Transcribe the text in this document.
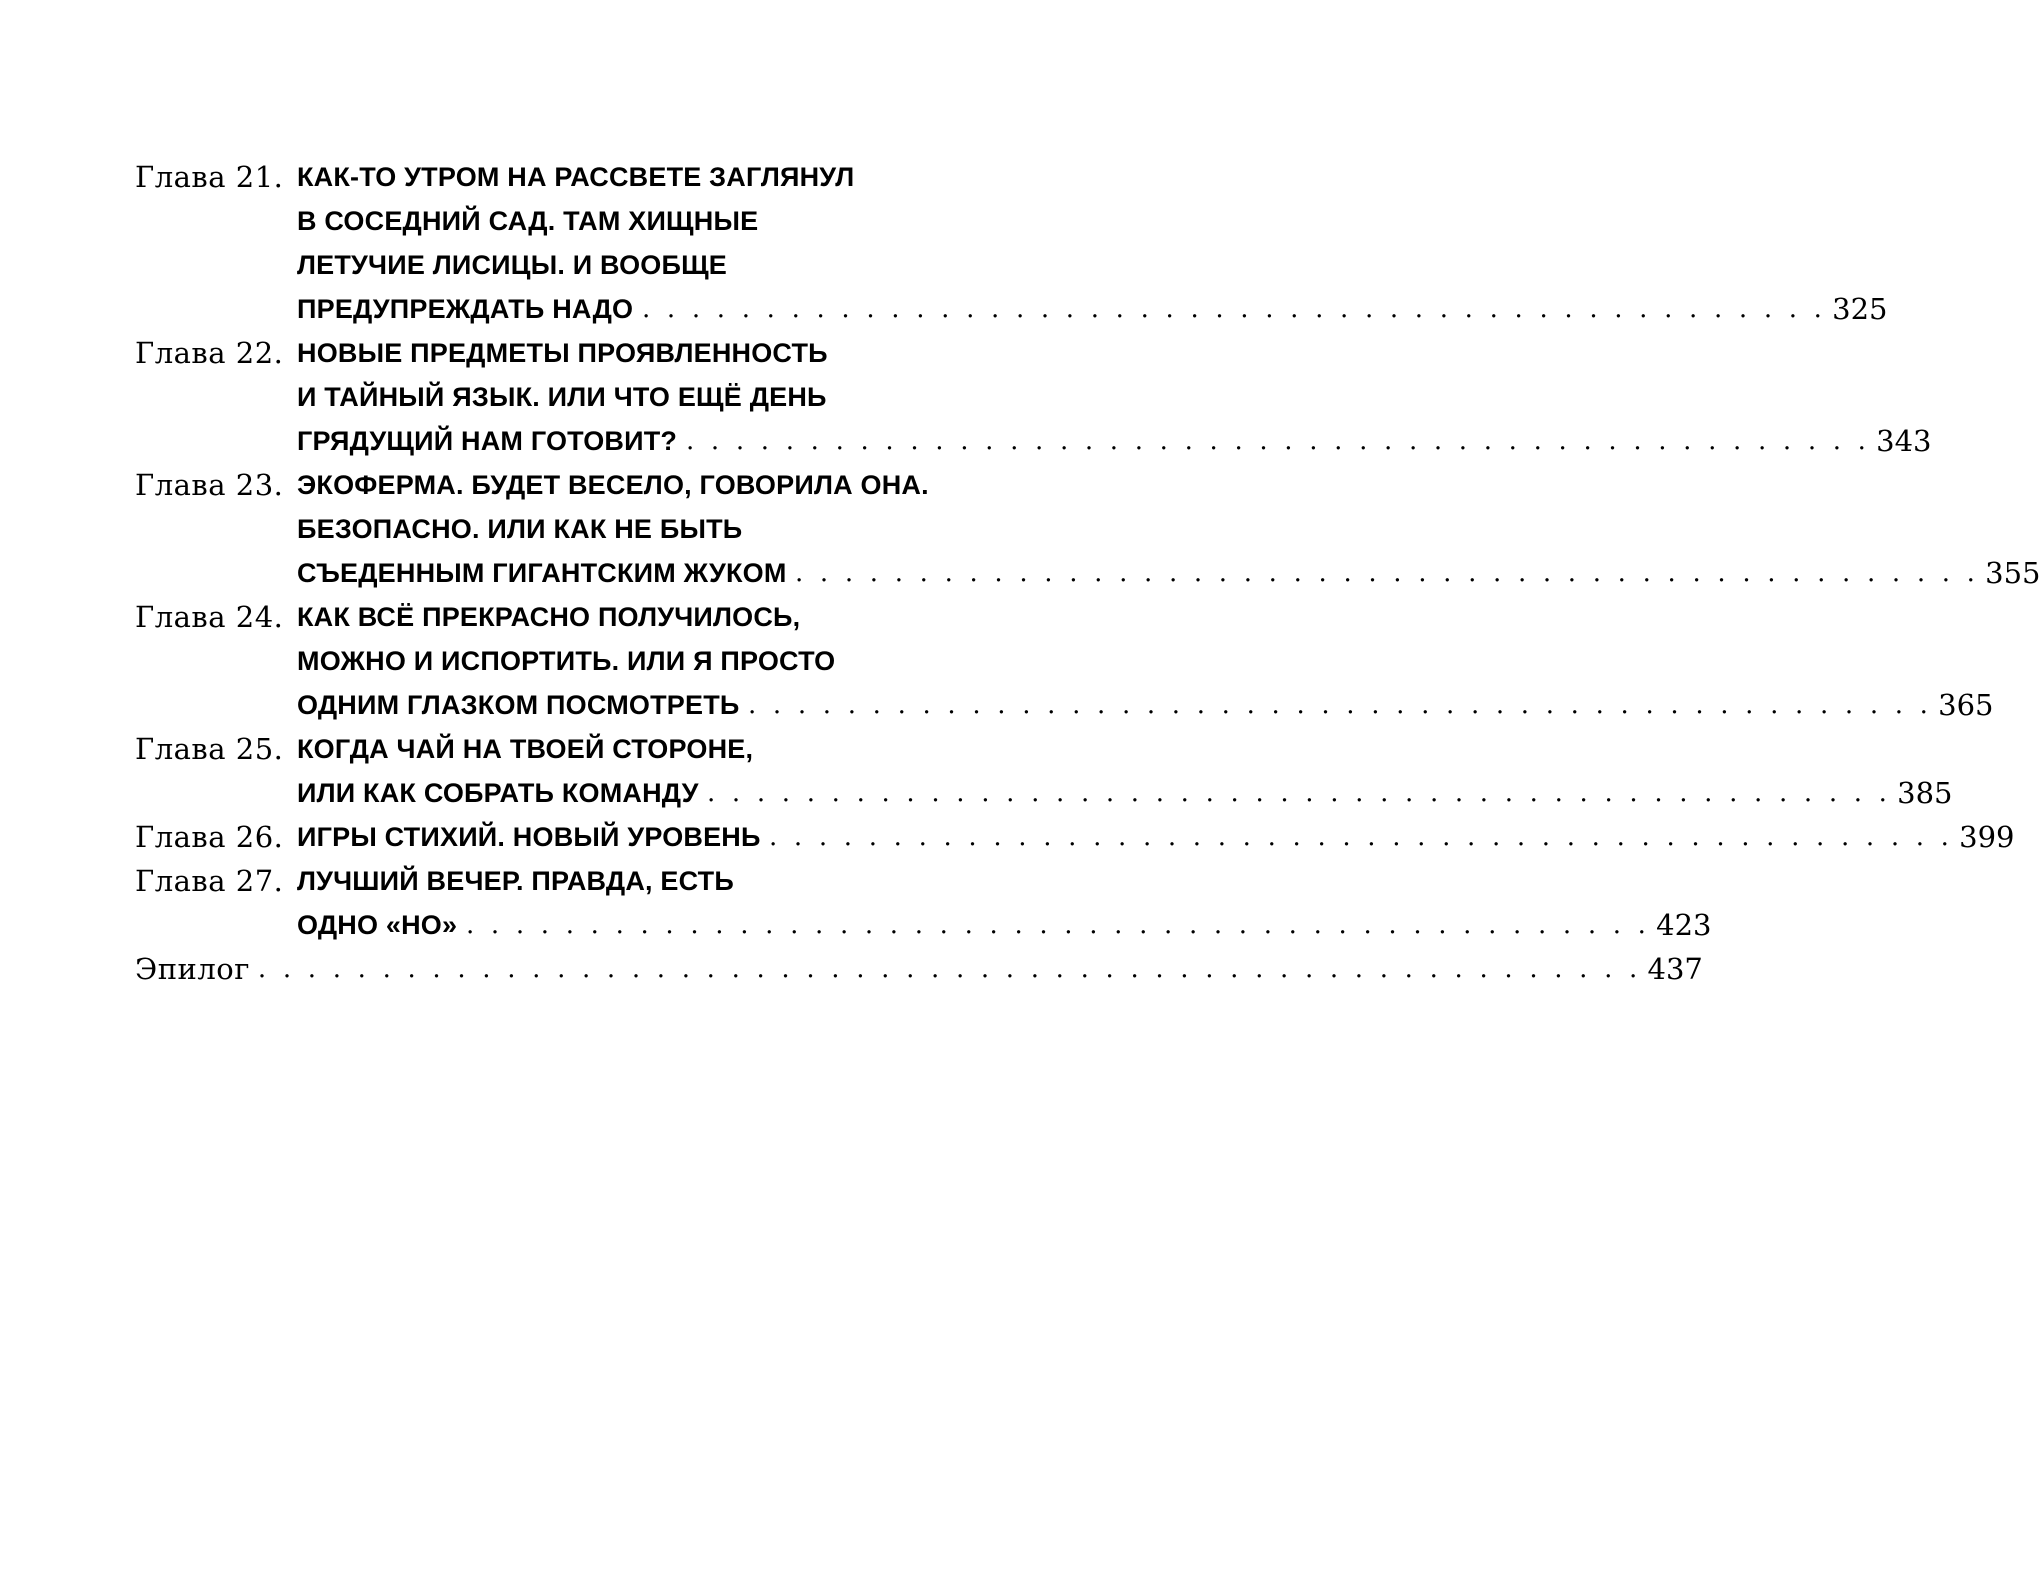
Глава 21. КАК-ТО УТРОМ НА РАССВЕТЕ ЗАГЛЯНУЛ
В СОСЕДНИЙ САД. ТАМ ХИЩНЫЕ
ЛЕТУЧИЕ ЛИСИЦЫ. И ВООБЩЕ
ПРЕДУПРЕЖДАТЬ НАДО . . . . . . . . . . . . . . . . . . . . . . . . . . . . . . . . . . . . . . . . . . . . . . . . 325
Глава 22. НОВЫЕ ПРЕДМЕТЫ ПРОЯВЛЕННОСТЬ
И ТАЙНЫЙ ЯЗЫК. ИЛИ ЧТО ЕЩЁ ДЕНЬ
ГРЯДУЩИЙ НАМ ГОТОВИТ? . . . . . . . . . . . . . . . . . . . . . . . . . . . . . . . . . . . . . . . . . . . . . . . . 343
Глава 23. ЭКОФЕРМА. БУДЕТ ВЕСЕЛО, ГОВОРИЛА ОНА.
БЕЗОПАСНО. ИЛИ КАК НЕ БЫТЬ
СЪЕДЕННЫМ ГИГАНТСКИМ ЖУКОМ . . . . . . . . . . . . . . . . . . . . . . . . . . . . . . . . . . . . . . . . . . . . . . . . 355
Глава 24. КАК ВСЁ ПРЕКРАСНО ПОЛУЧИЛОСЬ,
МОЖНО И ИСПОРТИТЬ. ИЛИ Я ПРОСТО
ОДНИМ ГЛАЗКОМ ПОСМОТРЕТЬ . . . . . . . . . . . . . . . . . . . . . . . . . . . . . . . . . . . . . . . . . . . . . . . . 365
Глава 25. КОГДА ЧАЙ НА ТВОЕЙ СТОРОНЕ,
ИЛИ КАК СОБРАТЬ КОМАНДУ . . . . . . . . . . . . . . . . . . . . . . . . . . . . . . . . . . . . . . . . . . . . . . . . 385
Глава 26. ИГРЫ СТИХИЙ. НОВЫЙ УРОВЕНЬ . . . . . . . . . . . . . . . . . . . . . . . . . . . . . . . . . . . . . . . . . . . . . . . . 399
Глава 27. ЛУЧШИЙ ВЕЧЕР. ПРАВДА, ЕСТЬ
ОДНО «НО» . . . . . . . . . . . . . . . . . . . . . . . . . . . . . . . . . . . . . . . . . . . . . . . . 423
Эпилог . . . . . . . . . . . . . . . . . . . . . . . . . . . . . . . . . . . . . . . . . . . . . . . . . . . . . . . . 437
